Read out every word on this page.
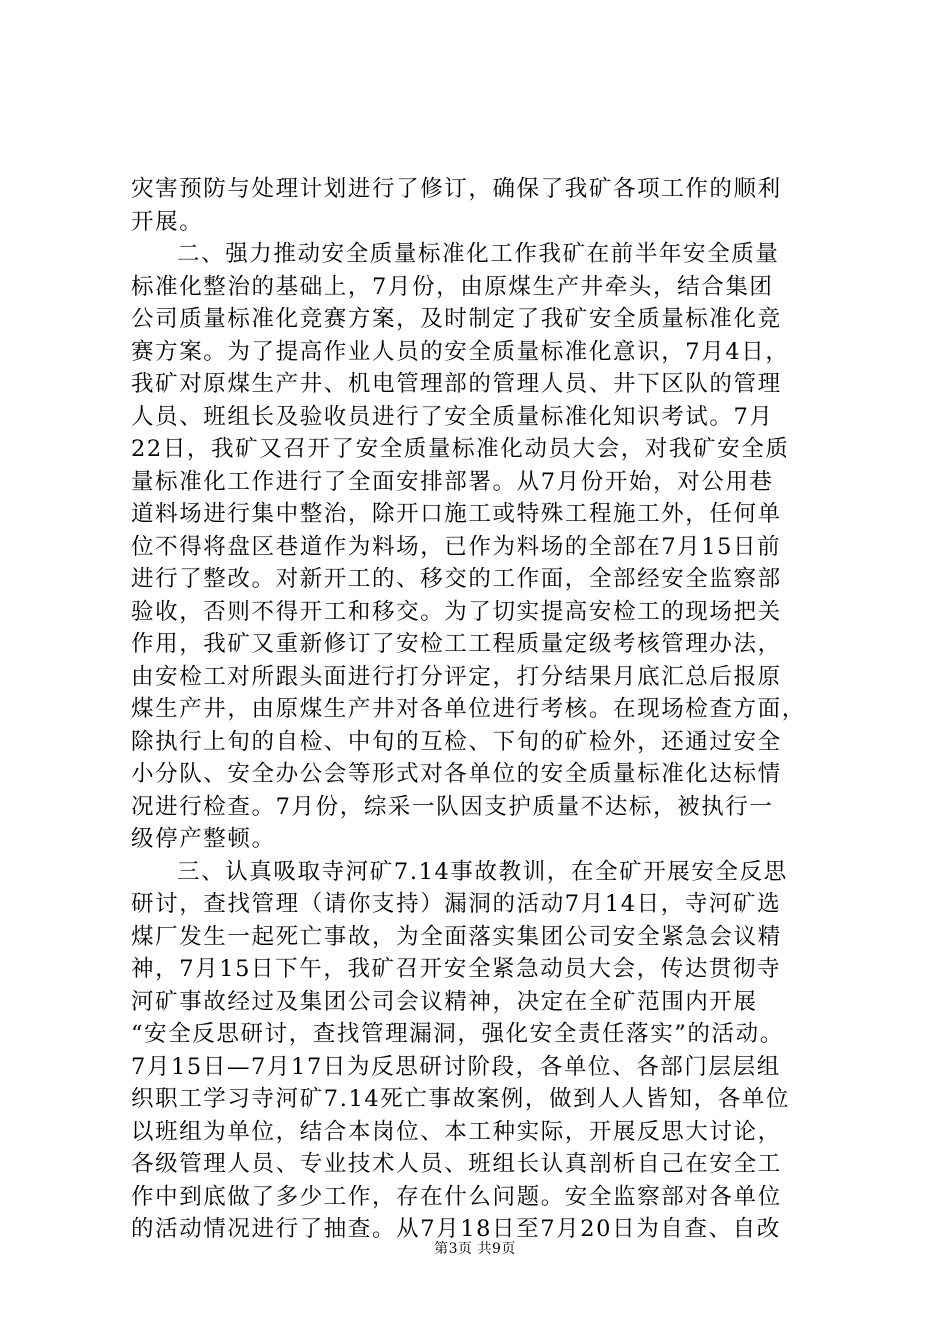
灾害预防与处理计划进行了修订，确保了我矿各项工作的顺利
开展。
二、强力推动安全质量标准化工作我矿在前半年安全质量
标准化整治的基础上，7月份，由原煤生产井牵头，结合集团
公司质量标准化竞赛方案，及时制定了我矿安全质量标准化竞
赛方案。为了提高作业人员的安全质量标准化意识，7月4日，
我矿对原煤生产井、机电管理部的管理人员、井下区队的管理
人员、班组长及验收员进行了安全质量标准化知识考试。7月
22日，我矿又召开了安全质量标准化动员大会，对我矿安全质
量标准化工作进行了全面安排部署。从7月份开始，对公用巷
道料场进行集中整治，除开口施工或特殊工程施工外，任何单
位不得将盘区巷道作为料场，已作为料场的全部在7月15日前
进行了整改。对新开工的、移交的工作面，全部经安全监察部
验收，否则不得开工和移交。为了切实提高安检工的现场把关
作用，我矿又重新修订了安检工工程质量定级考核管理办法，
由安检工对所跟头面进行打分评定，打分结果月底汇总后报原
煤生产井，由原煤生产井对各单位进行考核。在现场检查方面，
除执行上旬的自检、中旬的互检、下旬的矿检外，还通过安全
小分队、安全办公会等形式对各单位的安全质量标准化达标情
况进行检查。7月份，综采一队因支护质量不达标，被执行一
级停产整顿。
三、认真吸取寺河矿7.14事故教训，在全矿开展安全反思
研讨，查找管理（请你支持）漏洞的活动7月14日，寺河矿选
煤厂发生一起死亡事故，为全面落实集团公司安全紧急会议精
神，7月15日下午，我矿召开安全紧急动员大会，传达贯彻寺
河矿事故经过及集团公司会议精神，决定在全矿范围内开展
“安全反思研讨，查找管理漏洞，强化安全责任落实”的活动。
7月15日—7月17日为反思研讨阶段，各单位、各部门层层组
织职工学习寺河矿7.14死亡事故案例，做到人人皆知，各单位
以班组为单位，结合本岗位、本工种实际，开展反思大讨论，
各级管理人员、专业技术人员、班组长认真剖析自己在安全工
作中到底做了多少工作，存在什么问题。安全监察部对各单位
的活动情况进行了抽查。从7月18日至7月20日为自查、自改
第3页 共9页
